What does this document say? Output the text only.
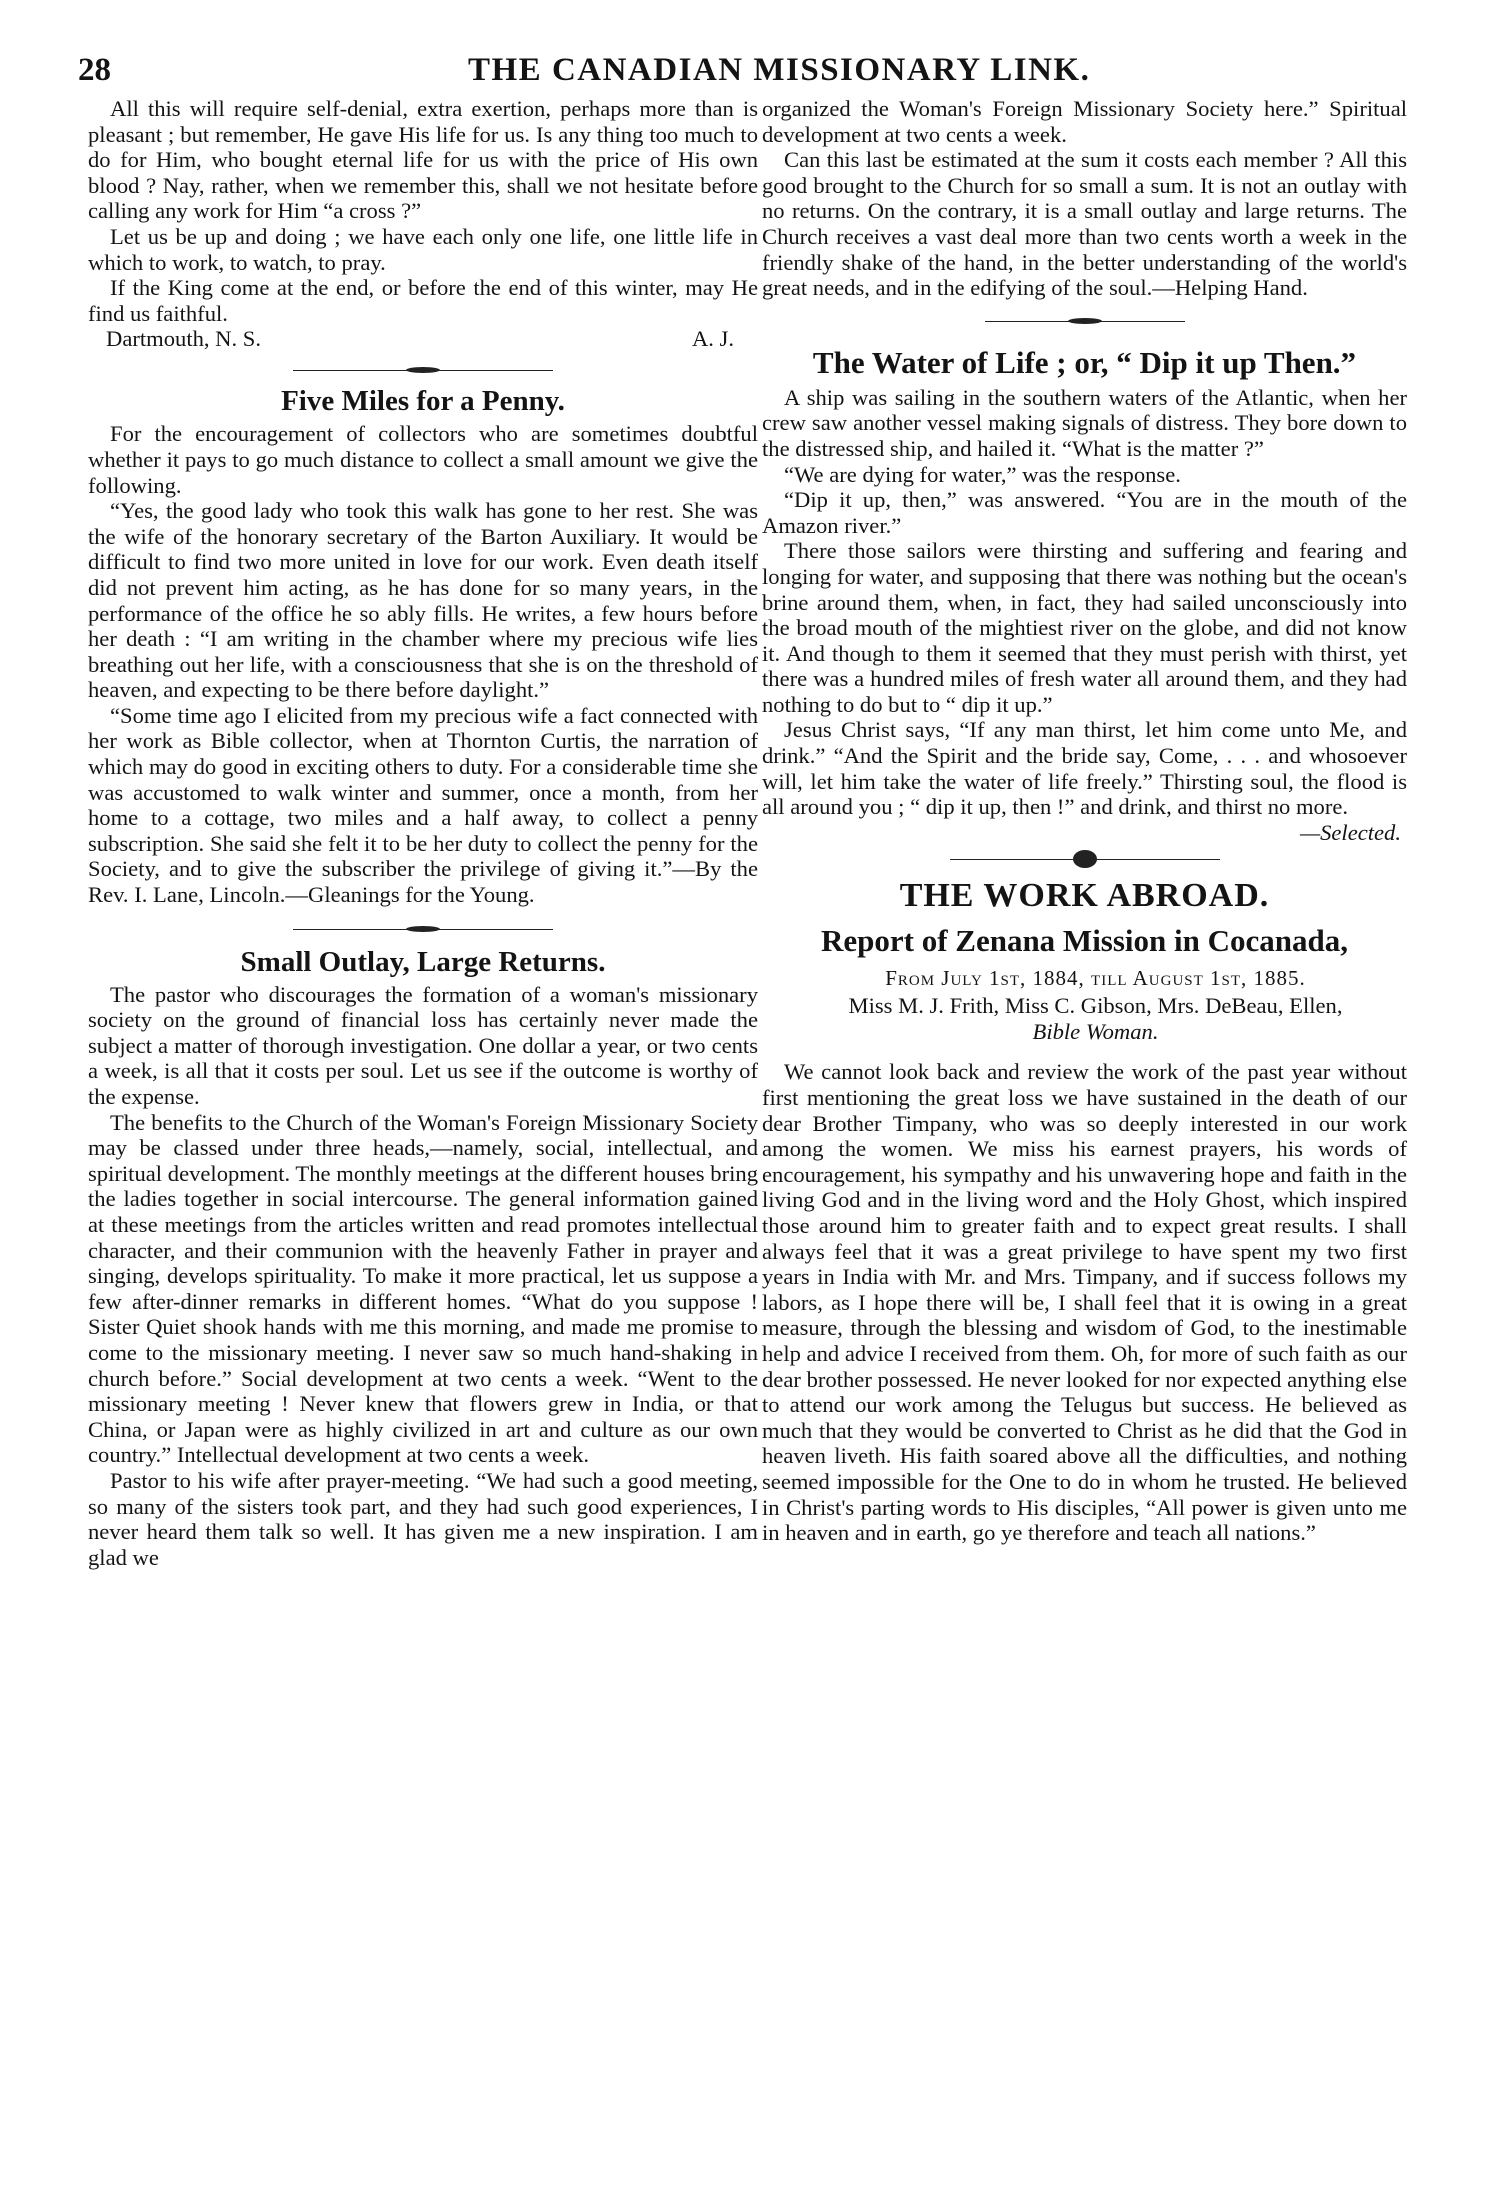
28	THE CANADIAN MISSIONARY LINK.

All this will require self-denial, extra exertion, perhaps more than is pleasant ; but remember, He gave His life for us. Is any thing too much to do for Him, who bought eternal life for us with the price of His own blood ? Nay, rather, when we remember this, shall we not hesitate before calling any work for Him “a cross ?”

Let us be up and doing ; we have each only one life, one little life in which to work, to watch, to pray.

If the King come at the end, or before the end of this winter, may He find us faithful.

Dartmouth, N. S.	A. J.
Five Miles for a Penny.

For the encouragement of collectors who are sometimes doubtful whether it pays to go much distance to collect a small amount we give the following.

“Yes, the good lady who took this walk has gone to her rest. She was the wife of the honorary secretary of the Barton Auxiliary. It would be difficult to find two more united in love for our work. Even death itself did not prevent him acting, as he has done for so many years, in the performance of the office he so ably fills. He writes, a few hours before her death : “I am writing in the chamber where my precious wife lies breathing out her life, with a consciousness that she is on the threshold of heaven, and expecting to be there before daylight.”

“Some time ago I elicited from my precious wife a fact connected with her work as Bible collector, when at Thornton Curtis, the narration of which may do good in exciting others to duty. For a considerable time she was accustomed to walk winter and summer, once a month, from her home to a cottage, two miles and a half away, to collect a penny subscription. She said she felt it to be her duty to collect the penny for the Society, and to give the subscriber the privilege of giving it.”—By the Rev. I. Lane, Lincoln.—Gleanings for the Young.

Small Outlay, Large Returns.

The pastor who discourages the formation of a woman's missionary society on the ground of financial loss has certainly never made the subject a matter of thorough investigation. One dollar a year, or two cents a week, is all that it costs per soul. Let us see if the outcome is worthy of the expense.

The benefits to the Church of the Woman's Foreign Missionary Society may be classed under three heads,—namely, social, intellectual, and spiritual development. The monthly meetings at the different houses bring the ladies together in social intercourse. The general information gained at these meetings from the articles written and read promotes intellectual character, and their communion with the heavenly Father in prayer and singing, develops spirituality. To make it more practical, let us suppose a few after-dinner remarks in different homes. “What do you suppose ! Sister Quiet shook hands with me this morning, and made me promise to come to the missionary meeting. I never saw so much hand-shaking in church before.” Social development at two cents a week. “Went to the missionary meeting ! Never knew that flowers grew in India, or that China, or Japan were as highly civilized in art and culture as our own country.” Intellectual development at two cents a week.

Pastor to his wife after prayer-meeting. “We had such a good meeting, so many of the sisters took part, and they had such good experiences, I never heard them talk so well. It has given me a new inspiration. I am glad we

organized the Woman's Foreign Missionary Society here.” Spiritual development at two cents a week.

Can this last be estimated at the sum it costs each member ? All this good brought to the Church for so small a sum. It is not an outlay with no returns. On the contrary, it is a small outlay and large returns. The Church receives a vast deal more than two cents worth a week in the friendly shake of the hand, in the better understanding of the world's great needs, and in the edifying of the soul.—Helping Hand.

The Water of Life ; or, “ Dip it up Then.”

A ship was sailing in the southern waters of the Atlantic, when her crew saw another vessel making signals of distress. They bore down to the distressed ship, and hailed it. “What is the matter ?”

“We are dying for water,” was the response.

“Dip it up, then,” was answered. “You are in the mouth of the Amazon river.”

There those sailors were thirsting and suffering and fearing and longing for water, and supposing that there was nothing but the ocean's brine around them, when, in fact, they had sailed unconsciously into the broad mouth of the mightiest river on the globe, and did not know it. And though to them it seemed that they must perish with thirst, yet there was a hundred miles of fresh water all around them, and they had nothing to do but to “ dip it up.”

Jesus Christ says, “If any man thirst, let him come unto Me, and drink.” “And the Spirit and the bride say, Come, . . . and whosoever will, let him take the water of life freely.” Thirsting soul, the flood is all around you ; “ dip it up, then !” and drink, and thirst no more.

—Selected.

THE WORK ABROAD.
Report of Zenana Mission in Cocanada,

From July 1st, 1884, till August 1st, 1885.

Miss M. J. Frith, Miss C. Gibson, Mrs. DeBeau, Ellen,

Bible Woman.

We cannot look back and review the work of the past year without first mentioning the great loss we have sustained in the death of our dear Brother Timpany, who was so deeply interested in our work among the women. We miss his earnest prayers, his words of encouragement, his sympathy and his unwavering hope and faith in the living God and in the living word and the Holy Ghost, which inspired those around him to greater faith and to expect great results. I shall always feel that it was a great privilege to have spent my two first years in India with Mr. and Mrs. Timpany, and if success follows my labors, as I hope there will be, I shall feel that it is owing in a great measure, through the blessing and wisdom of God, to the inestimable help and advice I received from them. Oh, for more of such faith as our dear brother possessed. He never looked for nor expected anything else to attend our work among the Telugus but success. He believed as much that they would be converted to Christ as he did that the God in heaven liveth. His faith soared above all the difficulties, and nothing seemed impossible for the One to do in whom he trusted. He believed in Christ's parting words to His disciples, “All power is given unto me in heaven and in earth, go ye therefore and teach all nations.”
